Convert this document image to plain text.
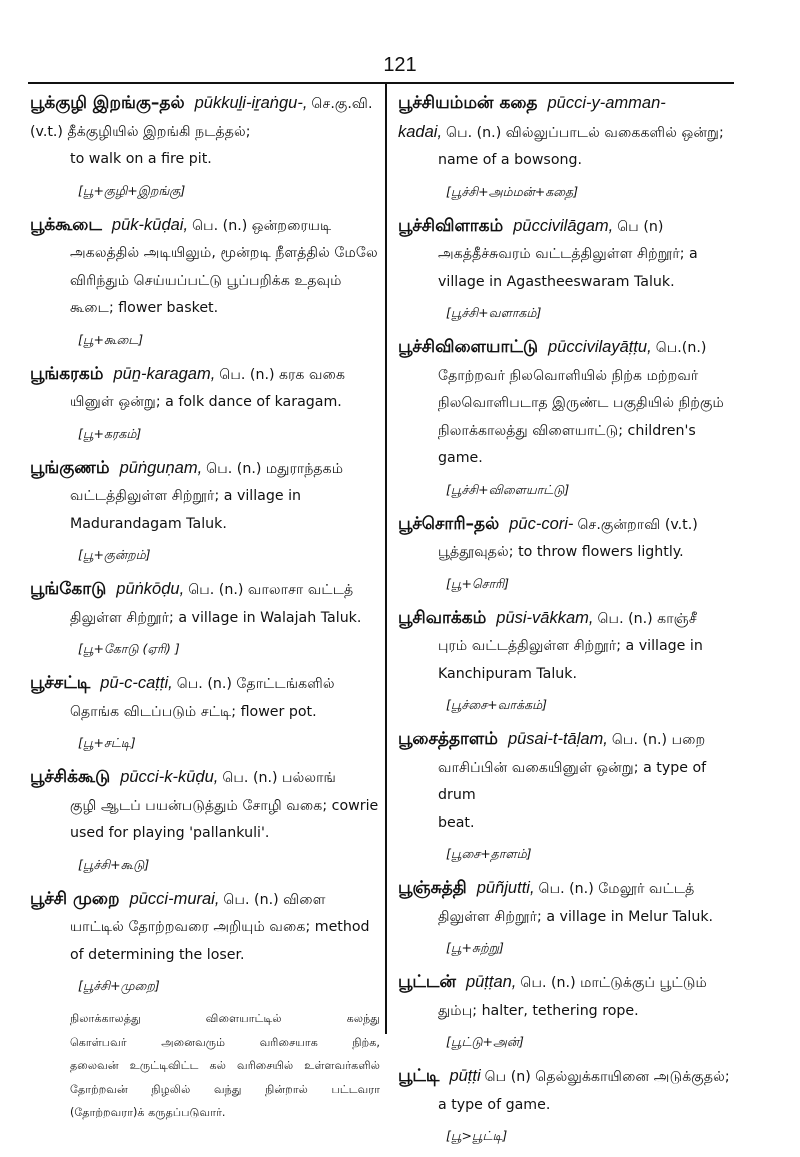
121
பூக்குழி இறங்கு–தல் pūkkuḻi-iṟaṅgu-, செ.கு.வி. (v.t.) தீக்குழியில் இறங்கி நடத்தல்;
to walk on a fire pit.
[பூ+குழி+இறங்கு]
பூக்கூடை pūk-kūḍai, பெ. (n.) ஒன்றரையடி
அகலத்தில் அடியிலும், மூன்றடி நீளத்தில் மேலே
விரிந்தும் செய்யப்பட்டு பூப்பறிக்க உதவும்
கூடை; flower basket.
[பூ+கூடை]
பூங்கரகம் pūṉ-karagam, பெ. (n.) கரக வகை
யினுள் ஒன்று; a folk dance of karagam.
[பூ+கரகம்]
பூங்குணம் pūṅguṇam, பெ. (n.) மதுராந்தகம்
வட்டத்திலுள்ள சிற்றூர்; a village in
Madurandagam Taluk.
[பூ+குன்றம்]
பூங்கோடு pūṅkōḍu, பெ. (n.) வாலாசா வட்டத்
திலுள்ள சிற்றூர்; a village in Walajah Taluk.
[பூ+கோடு (ஏரி) ]
பூச்சட்டி pū-c-caṭṭi, பெ. (n.) தோட்டங்களில்
தொங்க விடப்படும் சட்டி; flower pot.
[பூ+சட்டி]
பூச்சிக்கூடு pūcci-k-kūḍu, பெ. (n.) பல்லாங்
குழி ஆடப் பயன்படுத்தும் சோழி வகை; cowrie
used for playing 'pallankuli'.
[பூச்சி+கூடு]
பூச்சி முறை pūcci-murai, பெ. (n.) விளை
யாட்டில் தோற்றவரை அறியும் வகை; method
of determining the loser.
[பூச்சி+முறை]
நிலாக்காலத்து விளையாட்டில் கலந்து
கொள்பவர் அனைவரும் வரிசையாக நிற்க,
தலைவன் உருட்டிவிட்ட கல் வரிசையில் உள்ளவர்களில்
தோற்றவன் நிழலில் வந்து நின்றால் பட்டவரா
(தோற்றவரா)க் கருதப்படுவார்.
பூச்சியம்மன் கதை pūcci-y-amman-kadai, பெ. (n.) வில்லுப்பாடல் வகைகளில் ஒன்று;
name of a bowsong.
[பூச்சி+அம்மன்+கதை]
பூச்சிவிளாகம் pūccivilāgam, பெ (n)
அகத்தீச்சுவரம் வட்டத்திலுள்ள சிற்றூர்; a
village in Agastheeswaram Taluk.
[பூச்சி+வளாகம்]
பூச்சிவிளையாட்டு pūccivilayāṭṭu, பெ.(n.)
தோற்றவர் நிலவொளியில் நிற்க மற்றவர்
நிலவொளிபடாத இருண்ட பகுதியில் நிற்கும்
நிலாக்காலத்து விளையாட்டு; children's
game.
[பூச்சி+விளையாட்டு]
பூச்சொரி–தல் pūc-cori- செ.குன்றாவி (v.t.)
பூத்தூவுதல்; to throw flowers lightly.
[பூ+சொரி]
பூசிவாக்கம் pūsi-vākkam, பெ. (n.) காஞ்சீ
புரம் வட்டத்திலுள்ள சிற்றூர்; a village in
Kanchipuram Taluk.
[பூச்சை+வாக்கம்]
பூசைத்தாளம் pūsai-t-tāḷam, பெ. (n.) பறை
வாசிப்பின் வகையினுள் ஒன்று; a type of drum
beat.
[பூசை+தாளம்]
பூஞ்சுத்தி pūñjutti, பெ. (n.) மேலூர் வட்டத்
திலுள்ள சிற்றூர்; a village in Melur Taluk.
[பூ+சுற்று]
பூட்டன் pūṭṭan, பெ. (n.) மாட்டுக்குப் பூட்டும்
தும்பு; halter, tethering rope.
[பூட்டு+அன்]
பூட்டி pūṭṭi பெ (n) தெல்லுக்காயினை அடுக்குதல்;
a type of game.
[பூ>பூட்டி]
